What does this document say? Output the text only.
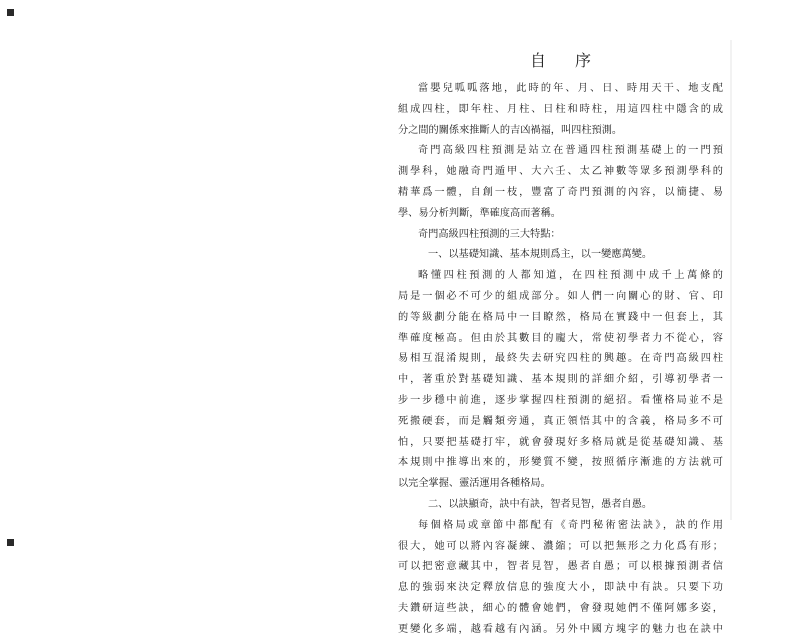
自 序
當嬰兒呱呱落地，此時的年、月、日、時用天干、地支配
組成四柱，即年柱、月柱、日柱和時柱，用這四柱中隱含的成
分之間的關係來推斷人的吉凶禍福，叫四柱預測。
奇門高級四柱預測是站立在普通四柱預測基礎上的一門預
測學科，她融奇門遁甲、大六壬、太乙神數等眾多預測學科的
精華爲一體，自創一枝，豐富了奇門預測的內容，以簡捷、易
學、易分析判斷，準確度高而著稱。
奇門高級四柱預測的三大特點：
一、以基礎知識、基本規則爲主，以一變應萬變。
略懂四柱預測的人都知道，在四柱預測中成千上萬條的
局是一個必不可少的組成部分。如人們一向關心的財、官、印
的等級劃分能在格局中一目瞭然，格局在實踐中一但套上，其
準確度極高。但由於其數目的龐大，常使初學者力不從心，容
易相互混淆規則，最終失去研究四柱的興趣。在奇門高級四柱
中，著重於對基礎知識、基本規則的詳細介紹，引導初學者一
步一步穩中前進，逐步掌握四柱預測的絕招。看懂格局並不是
死搬硬套，而是觸類旁通，真正領悟其中的含義，格局多不可
怕，只要把基礎打牢，就會發現好多格局就是從基礎知識、基
本規則中推導出來的，形變質不變，按照循序漸進的方法就可
以完全掌握、靈活運用各種格局。
二、以訣顯奇，訣中有訣，智者見智，愚者自愚。
每個格局或章節中都配有《奇門秘術密法訣》，訣的作用
很大，她可以將內容凝練、濃縮；可以把無形之力化爲有形；
可以把密意藏其中，智者見智，愚者自愚；可以根據預測者信
息的強弱來決定釋放信息的強度大小，即訣中有訣。只要下功
夫鑽研這些訣，細心的體會她們，會發現她們不僅阿娜多姿，
更變化多端，越看越有內涵。另外中國方塊字的魅力也在訣中
